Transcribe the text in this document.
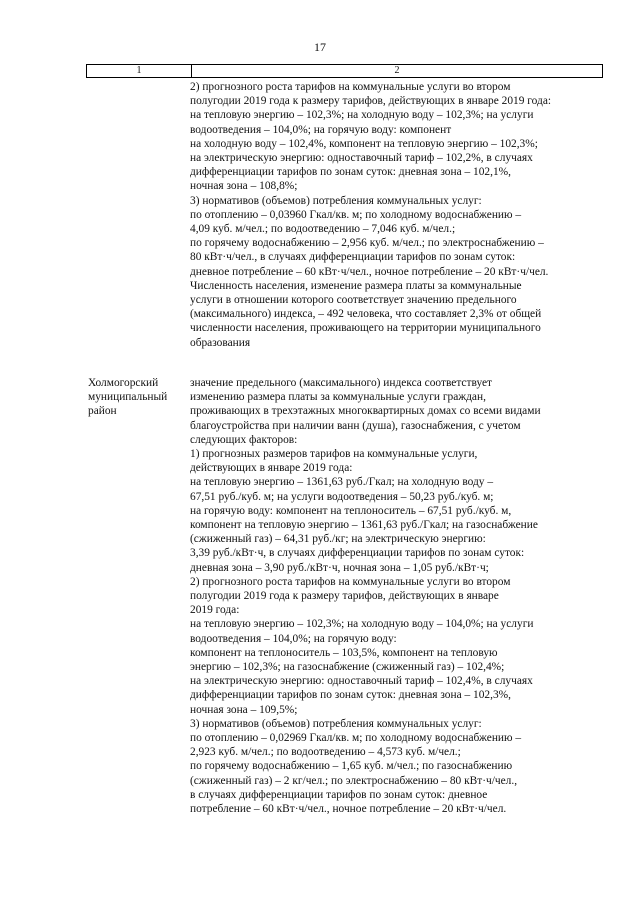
17
1	2
2) прогнозного роста тарифов на коммунальные услуги во втором
полугодии 2019 года к размеру тарифов, действующих в январе 2019 года:
на тепловую энергию – 102,3%; на холодную воду – 102,3%; на услуги
водоотведения – 104,0%; на горячую воду: компонент
на холодную воду – 102,4%, компонент на тепловую энергию – 102,3%;
на электрическую энергию: одноставочный тариф – 102,2%, в случаях
дифференциации тарифов по зонам суток: дневная зона – 102,1%,
ночная зона – 108,8%;
3) нормативов (объемов) потребления коммунальных услуг:
по отоплению – 0,03960 Гкал/кв. м; по холодному водоснабжению –
4,09 куб. м/чел.; по водоотведению – 7,046 куб. м/чел.;
по горячему водоснабжению – 2,956 куб. м/чел.; по электроснабжению –
80 кВт·ч/чел., в случаях дифференциации тарифов по зонам суток:
дневное потребление – 60 кВт·ч/чел., ночное потребление – 20 кВт·ч/чел.
Численность населения, изменение размера платы за коммунальные
услуги в отношении которого соответствует значению предельного
(максимального) индекса, – 492 человека, что составляет 2,3% от общей
численности населения, проживающего на территории муниципального
образования
Холмогорский
муниципальный
район
значение предельного (максимального) индекса соответствует
изменению размера платы за коммунальные услуги граждан,
проживающих в трехэтажных многоквартирных домах со всеми видами
благоустройства при наличии ванн (душа), газоснабжения, с учетом
следующих факторов:
1) прогнозных размеров тарифов на коммунальные услуги,
действующих в январе 2019 года:
на тепловую энергию – 1361,63 руб./Гкал; на холодную воду –
67,51 руб./куб. м; на услуги водоотведения – 50,23 руб./куб. м;
на горячую воду: компонент на теплоноситель – 67,51 руб./куб. м,
компонент на тепловую энергию – 1361,63 руб./Гкал; на газоснабжение
(сжиженный газ) – 64,31 руб./кг; на электрическую энергию:
3,39 руб./кВт·ч, в случаях дифференциации тарифов по зонам суток:
дневная зона – 3,90 руб./кВт·ч, ночная зона – 1,05 руб./кВт·ч;
2) прогнозного роста тарифов на коммунальные услуги во втором
полугодии 2019 года к размеру тарифов, действующих в январе
2019 года:
на тепловую энергию – 102,3%; на холодную воду – 104,0%; на услуги
водоотведения – 104,0%; на горячую воду:
компонент на теплоноситель – 103,5%, компонент на тепловую
энергию – 102,3%; на газоснабжение (сжиженный газ) – 102,4%;
на электрическую энергию: одноставочный тариф – 102,4%, в случаях
дифференциации тарифов по зонам суток: дневная зона – 102,3%,
ночная зона – 109,5%;
3) нормативов (объемов) потребления коммунальных услуг:
по отоплению – 0,02969 Гкал/кв. м; по холодному водоснабжению –
2,923 куб. м/чел.; по водоотведению – 4,573 куб. м/чел.;
по горячему водоснабжению – 1,65 куб. м/чел.; по газоснабжению
(сжиженный газ) – 2 кг/чел.; по электроснабжению – 80 кВт·ч/чел.,
в случаях дифференциации тарифов по зонам суток: дневное
потребление – 60 кВт·ч/чел., ночное потребление – 20 кВт·ч/чел.
